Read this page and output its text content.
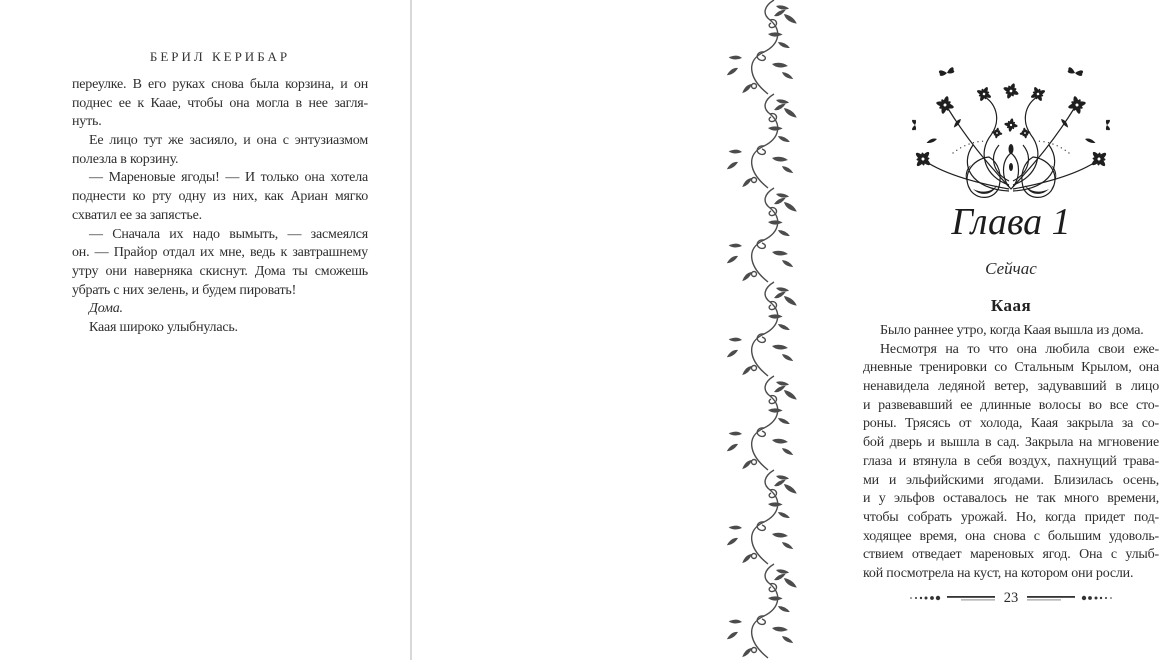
БЕРИЛ КЕРИБАР
переулке. В его руках снова была корзина, и он
поднес ее к Каае, чтобы она могла в нее загля-
нуть.
Ее лицо тут же засияло, и она с энтузиазмом
полезла в корзину.
— Мареновые ягоды! — И только она хотела
поднести ко рту одну из них, как Ариан мягко
схватил ее за запястье.
— Сначала их надо вымыть, — засмеялся
он. — Прайор отдал их мне, ведь к завтрашнему
утру они наверняка скиснут. Дома ты сможешь
убрать с них зелень, и будем пировать!
Дома.
Каая широко улыбнулась.
Глава 1
Сейчас
Каая
Было раннее утро, когда Каая вышла из дома.
Несмотря на то что она любила свои еже-
дневные тренировки со Стальным Крылом, она
ненавидела ледяной ветер, задувавший в лицо
и развевавший ее длинные волосы во все сто-
роны. Трясясь от холода, Каая закрыла за со-
бой дверь и вышла в сад. Закрыла на мгновение
глаза и втянула в себя воздух, пахнущий трава-
ми и эльфийскими ягодами. Близилась осень,
и у эльфов оставалось не так много времени,
чтобы собрать урожай. Но, когда придет под-
ходящее время, она снова с большим удоволь-
ствием отведает мареновых ягод. Она с улыб-
кой посмотрела на куст, на котором они росли.
23
